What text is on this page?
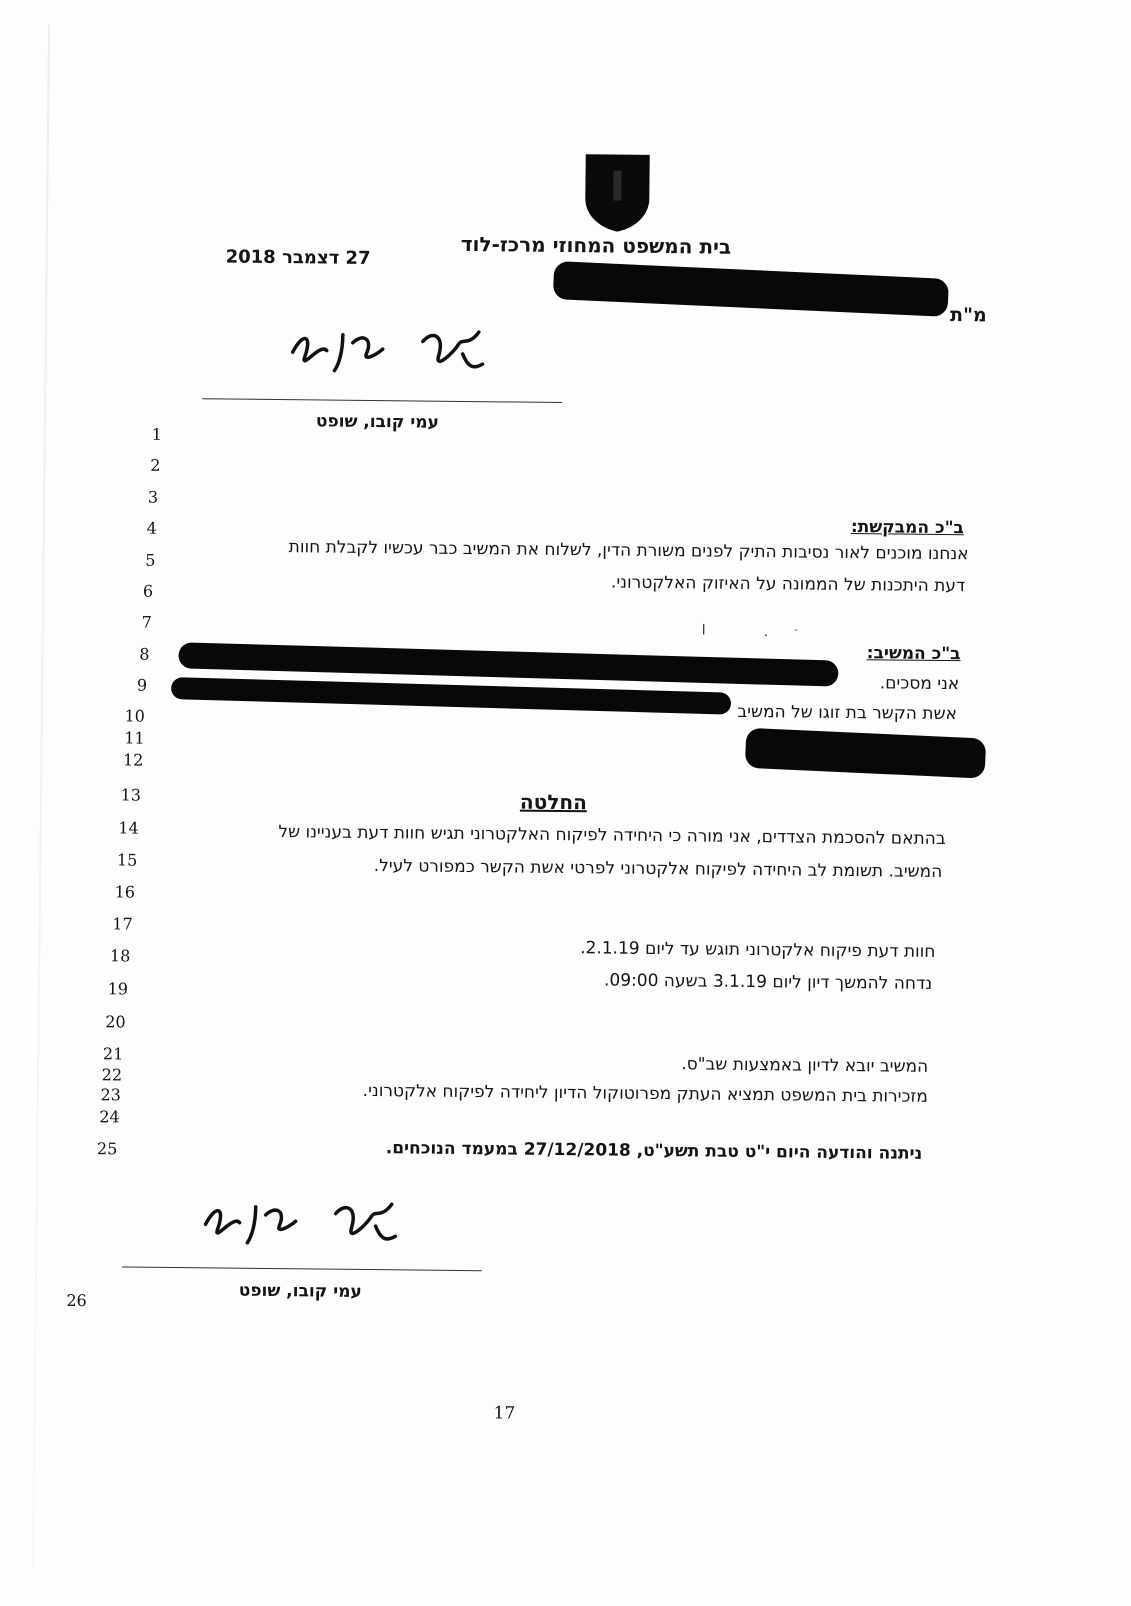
בית המשפט המחוזי מרכז-לוד
27 דצמבר 2018
מ"ת
עמי קובו, שופט
1
2
3
4
5
6
7
8
9
10
11
12
13
14
15
16
17
18
19
20
21
22
23
24
25
26
ב"כ המבקשת:
אנחנו מוכנים לאור נסיבות התיק לפנים משורת הדין, לשלוח את המשיב כבר עכשיו לקבלת חוות
דעת היתכנות של הממונה על האיזוק האלקטרוני.
ן	. ֵ
ב"כ המשיב:
אני מסכים.
אשת הקשר בת זוגו של המשיב
החלטה
בהתאם להסכמת הצדדים, אני מורה כי היחידה לפיקוח האלקטרוני תגיש חוות דעת בעניינו של
המשיב. תשומת לב היחידה לפיקוח אלקטרוני לפרטי אשת הקשר כמפורט לעיל.
חוות דעת פיקוח אלקטרוני תוגש עד ליום 2.1.19.
נדחה להמשך דיון ליום 3.1.19 בשעה 09:00.
המשיב יובא לדיון באמצעות שב"ס.
מזכירות בית המשפט תמציא העתק מפרוטוקול הדיון ליחידה לפיקוח אלקטרוני.
ניתנה והודעה היום י"ט טבת תשע"ט, 27/12/2018 במעמד הנוכחים.
עמי קובו, שופט
17
